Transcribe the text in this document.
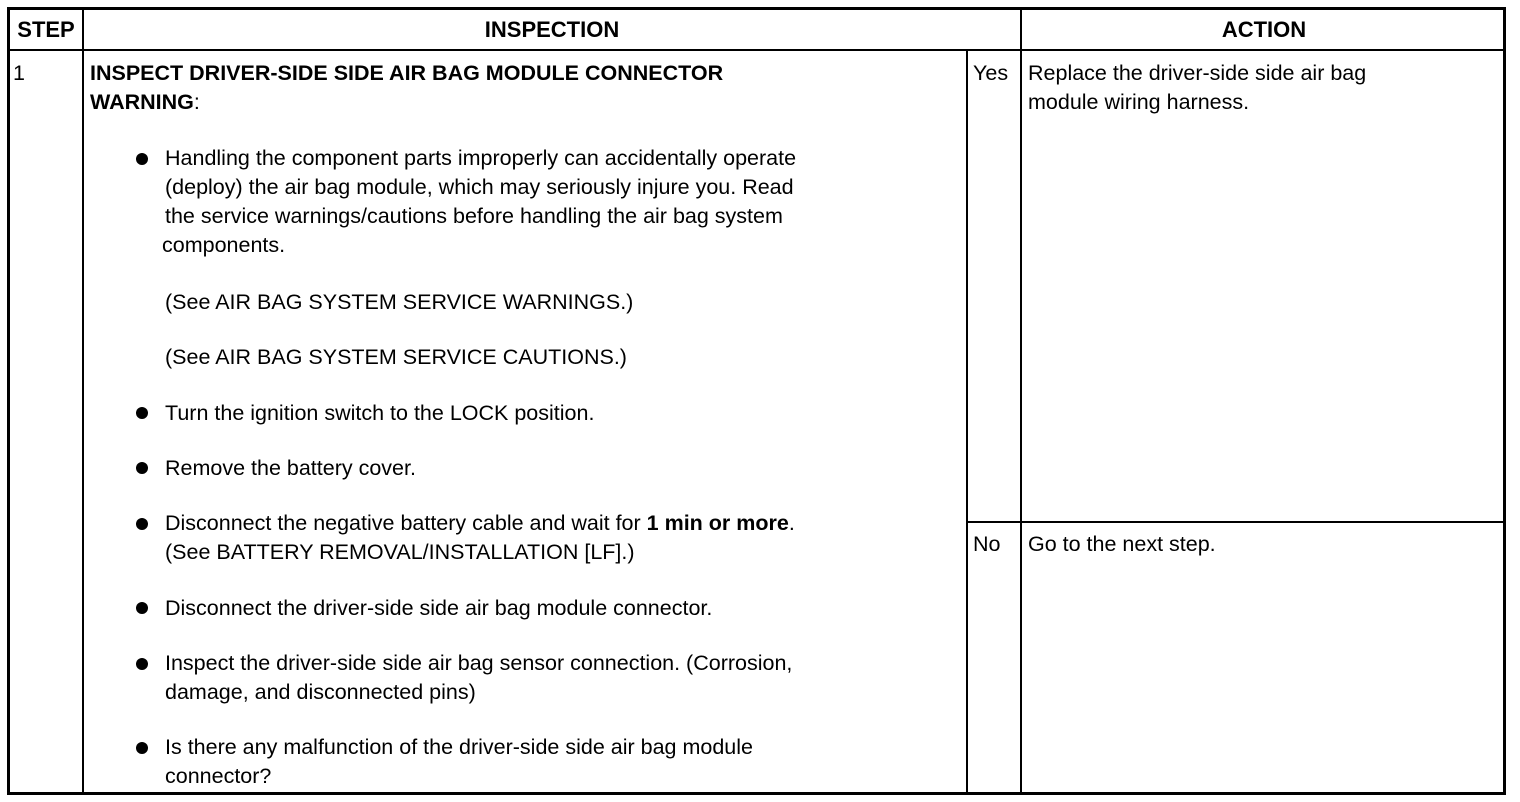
STEP	INSPECTION	ACTION
1	INSPECT DRIVER-SIDE SIDE AIR BAG MODULE CONNECTOR
WARNING:
Handling the component parts improperly can accidentally operate
(deploy) the air bag module, which may seriously injure you. Read
the service warnings/cautions before handling the air bag system
components.
(See AIR BAG SYSTEM SERVICE WARNINGS.)
(See AIR BAG SYSTEM SERVICE CAUTIONS.)
Turn the ignition switch to the LOCK position.
Remove the battery cover.
Disconnect the negative battery cable and wait for 1 min or more.
(See BATTERY REMOVAL/INSTALLATION [LF].)
Disconnect the driver-side side air bag module connector.
Inspect the driver-side side air bag sensor connection. (Corrosion,
damage, and disconnected pins)
Is there any malfunction of the driver-side side air bag module
connector?
Yes Replace the driver-side side air bag
module wiring harness.
No Go to the next step.
